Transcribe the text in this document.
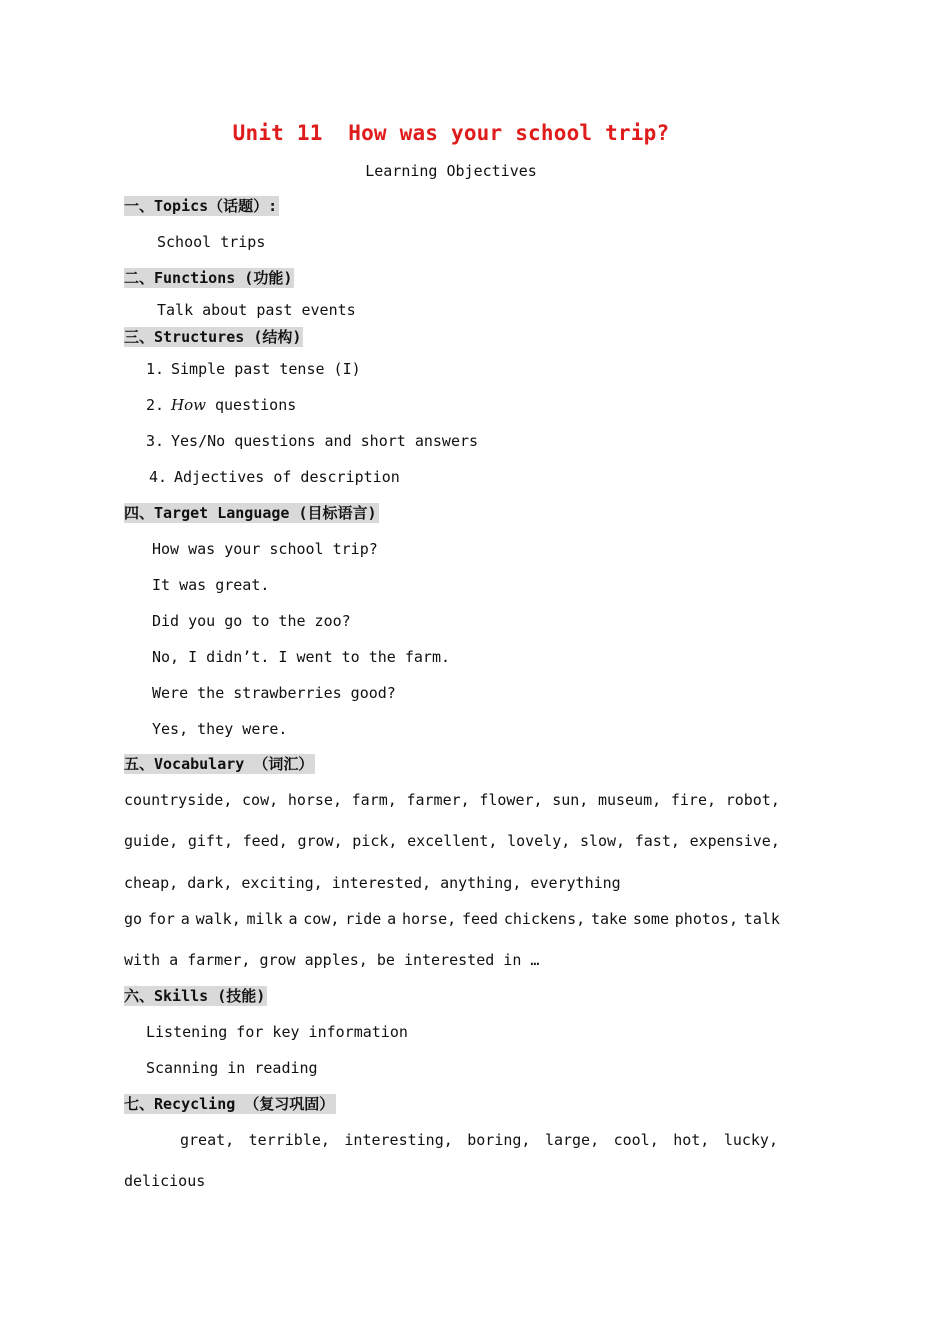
Unit 11  How was your school trip?
Learning Objectives
一、Topics（话题）:
School trips
二、Functions (功能)
Talk about past events
三、Structures (结构)
1. Simple past tense (I)
2. How questions
3. Yes/No questions and short answers
4. Adjectives of description
四、Target Language (目标语言)
How was your school trip?
It was great.
Did you go to the zoo?
No, I didn’t. I went to the farm.
Were the strawberries good?
Yes, they were.
五、Vocabulary （词汇）
countryside, cow, horse, farm, farmer, flower, sun, museum, fire, robot,
guide, gift, feed, grow, pick, excellent, lovely, slow, fast, expensive,
cheap, dark, exciting, interested, anything, everything
go for a walk, milk a cow, ride a horse, feed chickens, take some photos, talk
with a farmer, grow apples, be interested in …
六、Skills (技能)
Listening for key information
Scanning in reading
七、Recycling （复习巩固）
great, terrible, interesting, boring, large, cool, hot, lucky,
delicious
